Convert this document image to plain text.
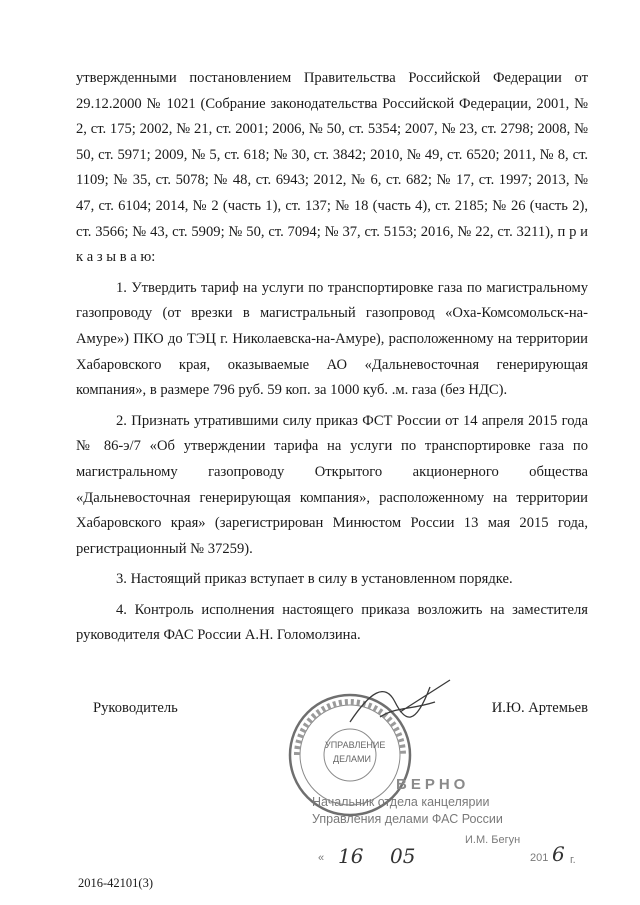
утвержденными постановлением Правительства Российской Федерации от 29.12.2000 № 1021 (Собрание законодательства Российской Федерации, 2001, № 2, ст. 175; 2002, № 21, ст. 2001; 2006, № 50, ст. 5354; 2007, № 23, ст. 2798; 2008, № 50, ст. 5971; 2009, № 5, ст. 618; № 30, ст. 3842; 2010, № 49, ст. 6520; 2011, № 8, ст. 1109; № 35, ст. 5078; № 48, ст. 6943; 2012, № 6, ст. 682; № 17, ст. 1997; 2013, № 47, ст. 6104; 2014, № 2 (часть 1), ст. 137; № 18 (часть 4), ст. 2185; № 26 (часть 2), ст. 3566; № 43, ст. 5909; № 50, ст. 7094; № 37, ст. 5153; 2016, № 22, ст. 3211), п р и к а з ы в а ю:

1. Утвердить тариф на услуги по транспортировке газа по магистральному газопроводу (от врезки в магистральный газопровод «Оха-Комсомольск-на-Амуре») ПКО до ТЭЦ г. Николаевска-на-Амуре), расположенному на территории Хабаровского края, оказываемые АО «Дальневосточная генерирующая компания», в размере 796 руб. 59 коп. за 1000 куб. .м. газа (без НДС).

2. Признать утратившими силу приказ ФСТ России от 14 апреля 2015 года № 86-э/7 «Об утверждении тарифа на услуги по транспортировке газа по магистральному газопроводу Открытого акционерного общества «Дальневосточная генерирующая компания», расположенному на территории Хабаровского края» (зарегистрирован Минюстом России 13 мая 2015 года, регистрационный № 37259).

3. Настоящий приказ вступает в силу в установленном порядке.

4. Контроль исполнения настоящего приказа возложить на заместителя руководителя ФАС России А.Н. Голомолзина.

Руководитель	И.Ю. Артемьев
УПРАВЛЕНИЕ
ДЕЛАМИ
ВЕРНО
Начальник отдела канцелярии
Управления делами ФАС России
И.М. Бегун
« 16 05	201 6 г.
2016-42101(3)
